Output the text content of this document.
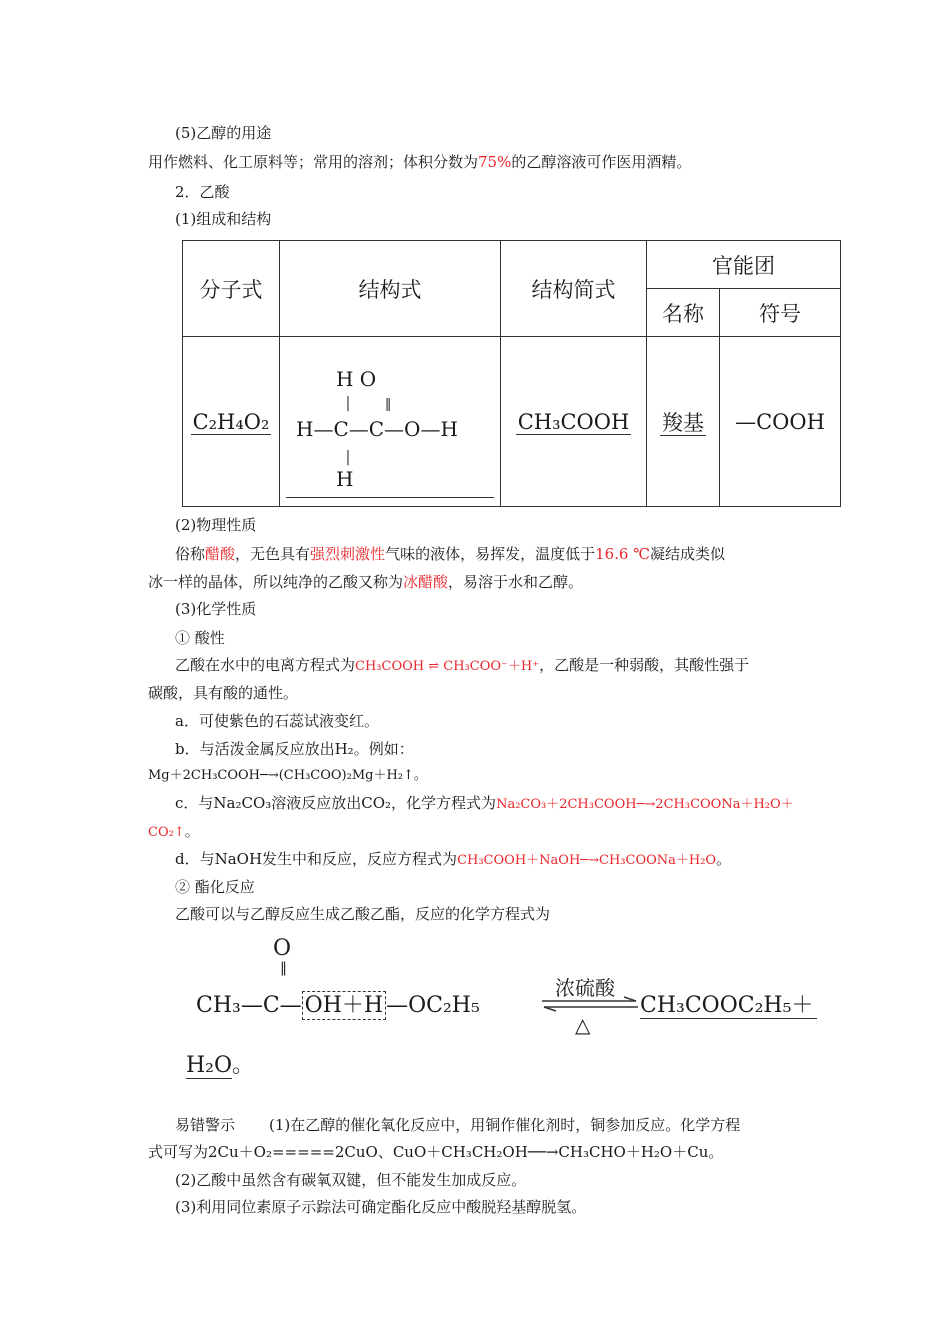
(5)乙醇的用途
用作燃料、化工原料等；常用的溶剂；体积分数为75%的乙醇溶液可作医用酒精。
2．乙酸
(1)组成和结构
分子式	结构式	结构简式	官能团	
			名称	符号
C₂H₄O₂	H O
│        ‖
H—C—C—O—H
│
H	CH₃COOH	羧基	—COOH
(2)物理性质
俗称醋酸，无色具有强烈刺激性气味的液体，易挥发，温度低于16.6 ℃凝结成类似
冰一样的晶体，所以纯净的乙酸又称为冰醋酸，易溶于水和乙醇。
(3)化学性质
① 酸性
乙酸在水中的电离方程式为CH₃COOH ⇌ CH₃COO⁻＋H⁺，乙酸是一种弱酸，其酸性强于
碳酸，具有酸的通性。
a．可使紫色的石蕊试液变红。
b．与活泼金属反应放出H₂。例如：
Mg＋2CH₃COOH─→(CH₃COO)₂Mg＋H₂↑。
c．与Na₂CO₃溶液反应放出CO₂，化学方程式为Na₂CO₃＋2CH₃COOH─→2CH₃COONa＋H₂O＋
CO₂↑。
d．与NaOH发生中和反应，反应方程式为CH₃COOH＋NaOH─→CH₃COONa＋H₂O。
② 酯化反应
乙酸可以与乙醇反应生成乙酸乙酯，反应的化学方程式为
O
‖
CH₃—C— OH＋H —OC₂H₅
浓硫酸
△
CH₃COOC₂H₅＋
H₂O。
易错警示 (1)在乙醇的催化氧化反应中，用铜作催化剂时，铜参加反应。化学方程
式可写为2Cu＋O₂=====2CuO、CuO＋CH₃CH₂OH──→CH₃CHO＋H₂O＋Cu。
(2)乙酸中虽然含有碳氧双键，但不能发生加成反应。
(3)利用同位素原子示踪法可确定酯化反应中酸脱羟基醇脱氢。
